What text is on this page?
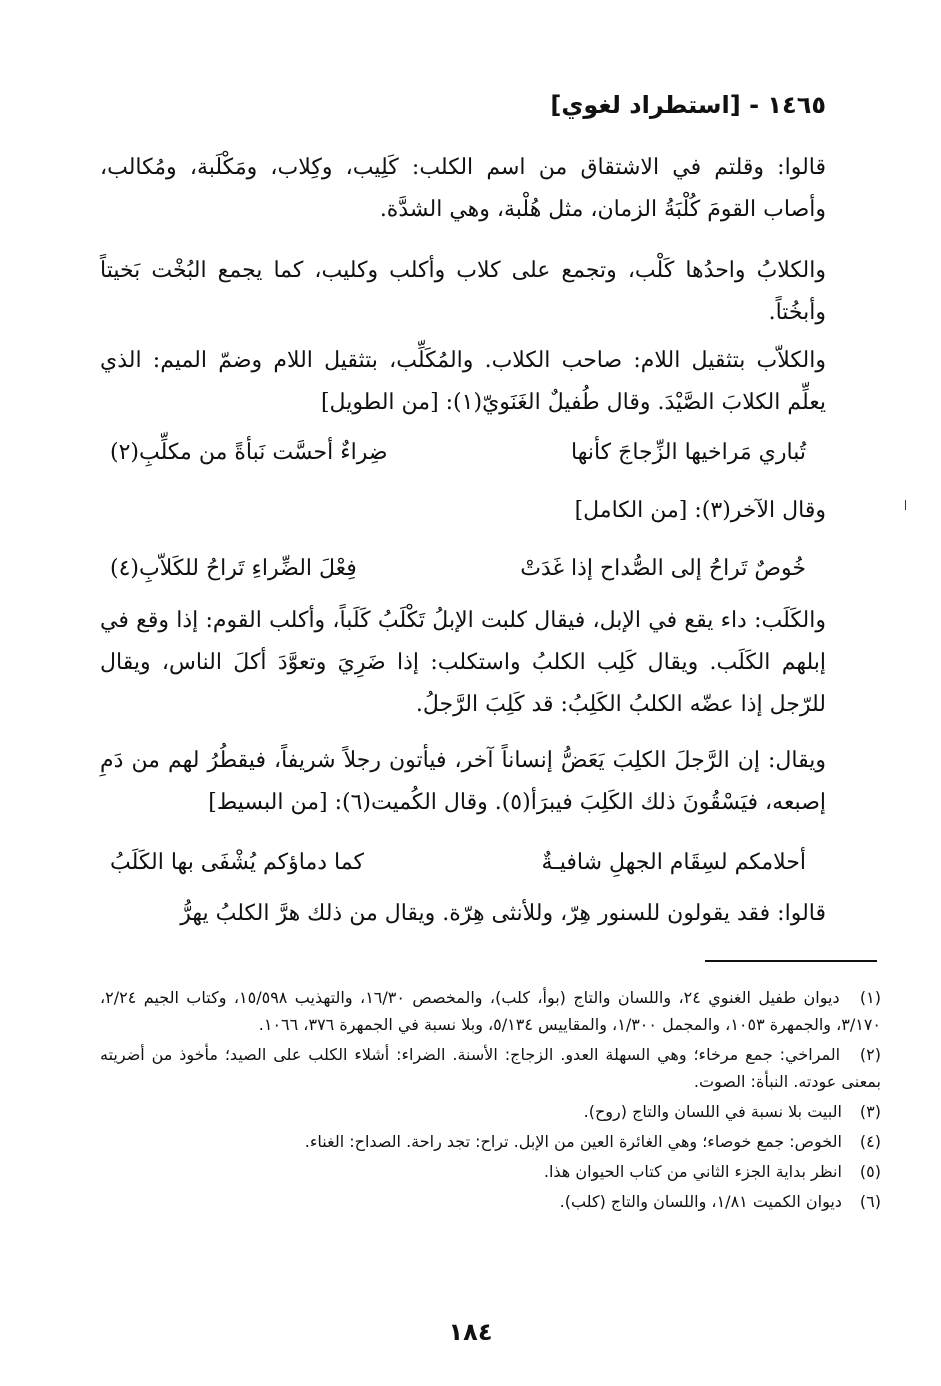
١٤٦٥ - [استطراد لغوي]
قالوا: وقلتم في الاشتقاق من اسم الكلب: كَلِيب، وكِلاب، ومَكْلَبة، ومُكالب، وأصاب القومَ كُلْبَةُ الزمان، مثل هُلْبة، وهي الشدَّة.
والكلابُ واحدُها كَلْب، وتجمع على كلاب وأكلب وكليب، كما يجمع البُخْت بَخيتاً وأبخُتاً.
والكلاّب بتثقيل اللام: صاحب الكلاب. والمُكَلِّب، بتثقيل اللام وضمّ الميم: الذي يعلِّم الكلابَ الصَّيْدَ. وقال طُفيلٌ الغَنَويّ(١): [من الطويل]
تُباري مَراخيها الزِّجاجَ كأنها
ضِراءٌ أحسَّت نَبأةً من مكلِّبِ(٢)
وقال الآخر(٣): [من الكامل]
خُوصٌ تَراحُ إلى الصُّداح إذا غَدَتْ
فِعْلَ الضِّراءِ تَراحُ للكَلاّبِ(٤)
والكَلَب: داء يقع في الإبل، فيقال كلبت الإبلُ تَكْلَبُ كَلَباً، وأكلب القوم: إذا وقع في إبلهم الكَلَب. ويقال كَلِب الكلبُ واستكلب: إذا ضَرِيَ وتعوَّدَ أكلَ الناس، ويقال للرّجل إذا عضّه الكلبُ الكَلِبُ: قد كَلِبَ الرَّجلُ.
ويقال: إن الرَّجلَ الكلِبَ يَعَضُّ إنساناً آخر، فيأتون رجلاً شريفاً، فيقطُرُ لهم من دَمِ إصبعه، فيَسْقُونَ ذلك الكَلِبَ فيبرَأ(٥). وقال الكُميت(٦): [من البسيط]
أحلامكم لسِقَام الجهلِ شافيـةٌ
كما دماؤكم يُشْفَى بها الكَلَبُ
قالوا: فقد يقولون للسنور هِرّ، وللأنثى هِرّة. ويقال من ذلك هرَّ الكلبُ يهرُّ
(١) ديوان طفيل الغنوي ٢٤، واللسان والتاج (بوأ، كلب)، والمخصص ١٦/٣٠، والتهذيب ١٥/٥٩٨، وكتاب الجيم ٢/٢٤، ٣/١٧٠، والجمهرة ١٠٥٣، والمجمل ١/٣٠٠، والمقاييس ٥/١٣٤، وبلا نسبة في الجمهرة ٣٧٦، ١٠٦٦.
(٢) المراخي: جمع مرخاء؛ وهي السهلة العدو. الزجاج: الأسنة. الضراء: أشلاء الكلب على الصيد؛ مأخوذ من أضريته بمعنى عودته. النبأة: الصوت.
(٣) البيت بلا نسبة في اللسان والتاج (روح).
(٤) الخوص: جمع خوصاء؛ وهي الغائرة العين من الإبل. تراح: تجد راحة. الصداح: الغناء.
(٥) انظر بداية الجزء الثاني من كتاب الحيوان هذا.
(٦) ديوان الكميت ١/٨١، واللسان والتاج (كلب).
١٨٤
